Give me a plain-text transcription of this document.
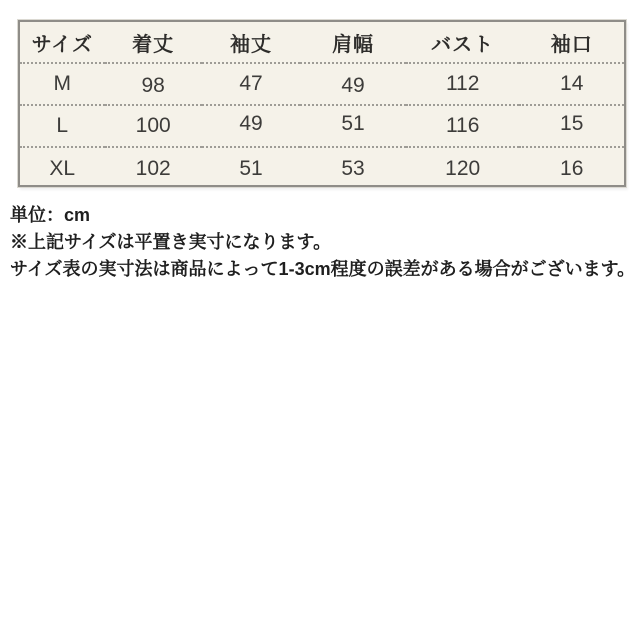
サイズ	着丈	袖丈	肩幅	バスト	袖口
M	98	47	49	112	14
L	100	49	51	116	15
XL	102	51	53	120	16
単位：cm
※上記サイズは平置き実寸になります。
サイズ表の実寸法は商品によって1-3cm程度の誤差がある場合がございます。
